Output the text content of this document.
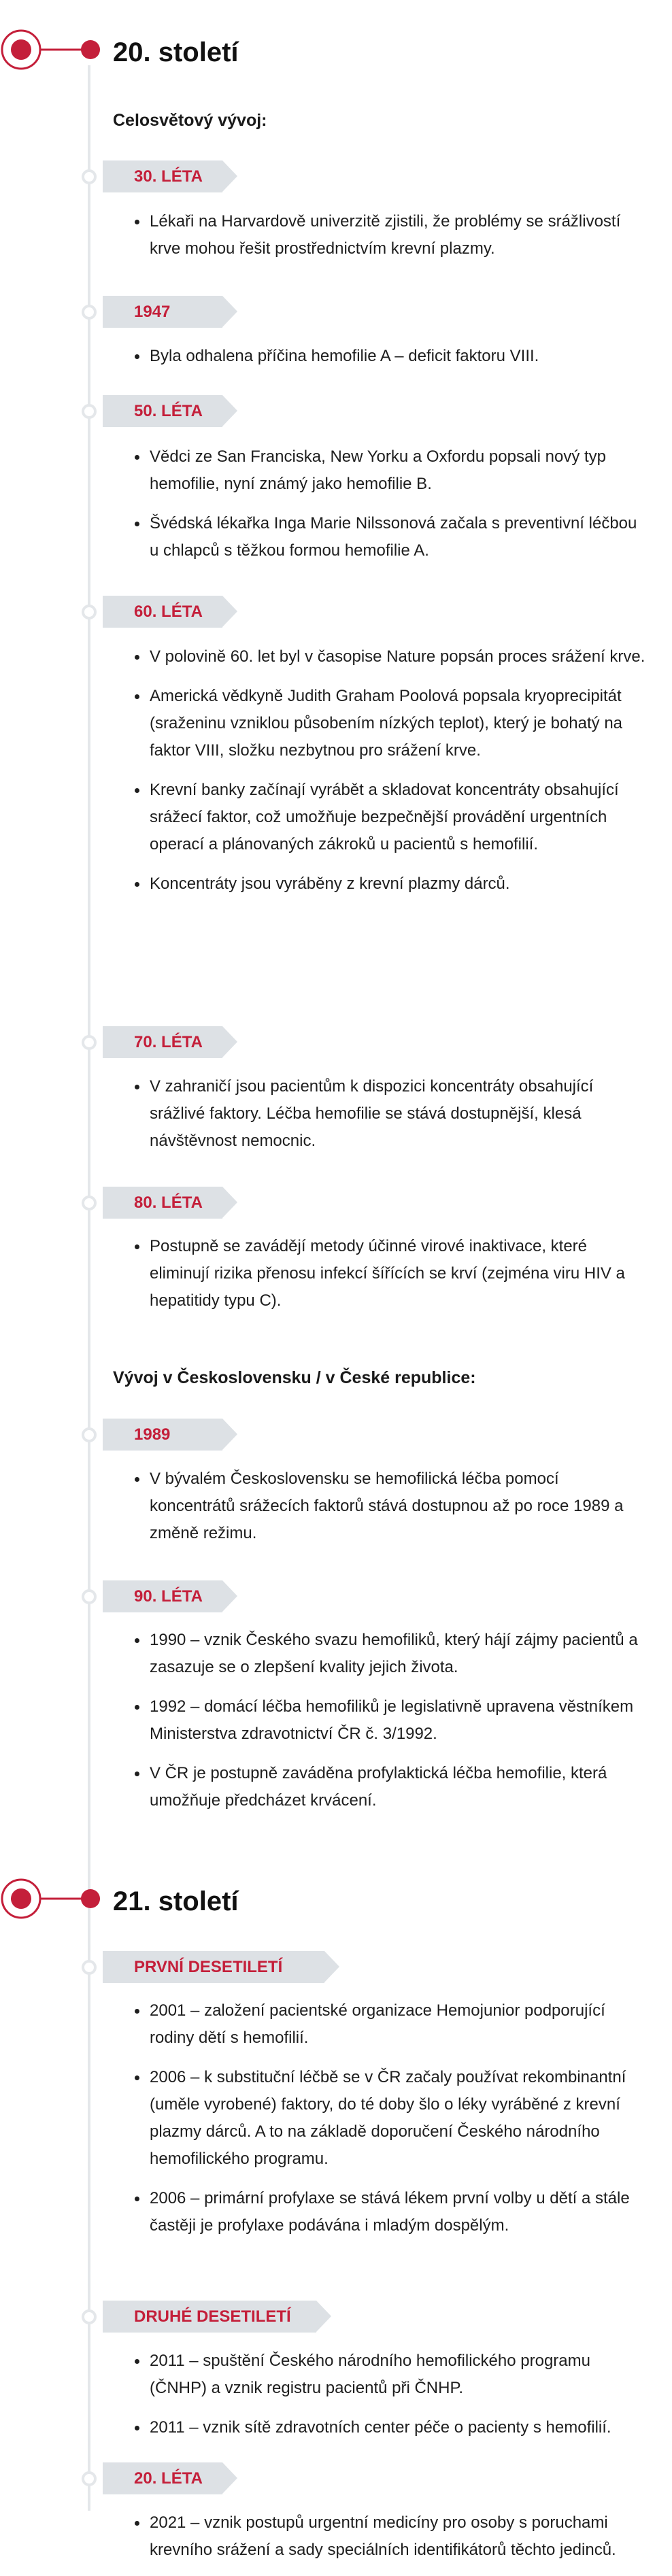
20. století
Celosvětový vývoj:
30. LÉTA
Lékaři na Harvardově univerzitě zjistili, že problémy se srážlivostí krve mohou řešit prostřednictvím krevní plazmy.
1947
Byla odhalena příčina hemofilie A – deficit faktoru VIII.
50. LÉTA
Vědci ze San Franciska, New Yorku a Oxfordu popsali nový typ hemofilie, nyní známý jako hemofilie B.
Švédská lékařka Inga Marie Nilssonová začala s preventivní léčbou u chlapců s těžkou formou hemofilie A.
60. LÉTA
V polovině 60. let byl v časopise Nature popsán proces srážení krve.
Americká vědkyně Judith Graham Poolová popsala kryoprecipitát (sraženinu vzniklou působením nízkých teplot), který je bohatý na faktor VIII, složku nezbytnou pro srážení krve.
Krevní banky začínají vyrábět a skladovat koncentráty obsahující srážecí faktor, což umožňuje bezpečnější provádění urgentních operací a plánovaných zákroků u pacientů s hemofilií.
Koncentráty jsou vyráběny z krevní plazmy dárců.
70. LÉTA
V zahraničí jsou pacientům k dispozici koncentráty obsahující srážlivé faktory. Léčba hemofilie se stává dostupnější, klesá návštěvnost nemocnic.
80. LÉTA
Postupně se zavádějí metody účinné virové inaktivace, které eliminují rizika přenosu infekcí šířících se krví (zejména viru HIV a hepatitidy typu C).
Vývoj v Československu / v České republice:
1989
V bývalém Československu se hemofilická léčba pomocí koncentrátů srážecích faktorů stává dostupnou až po roce 1989 a změně režimu.
90. LÉTA
1990 – vznik Českého svazu hemofiliků, který hájí zájmy pacientů a zasazuje se o zlepšení kvality jejich života.
1992 – domácí léčba hemofiliků je legislativně upravena věstníkem Ministerstva zdravotnictví ČR č. 3/1992.
V ČR je postupně zaváděna profylaktická léčba hemofilie, která umožňuje předcházet krvácení.
21. století
PRVNÍ DESETILETÍ
2001 – založení pacientské organizace Hemojunior podporující rodiny dětí s hemofilií.
2006 – k substituční léčbě se v ČR začaly používat rekombinantní (uměle vyrobené) faktory, do té doby šlo o léky vyráběné z krevní plazmy dárců. A to na základě doporučení Českého národního hemofilického programu.
2006 – primární profylaxe se stává lékem první volby u dětí a stále častěji je profylaxe podávána i mladým dospělým.
DRUHÉ DESETILETÍ
2011 – spuštění Českého národního hemofilického programu (ČNHP) a vznik registru pacientů při ČNHP.
2011 – vznik sítě zdravotních center péče o pacienty s hemofilií.
20. LÉTA
2021 – vznik postupů urgentní medicíny pro osoby s poruchami krevního srážení a sady speciálních identifikátorů těchto jedinců.
